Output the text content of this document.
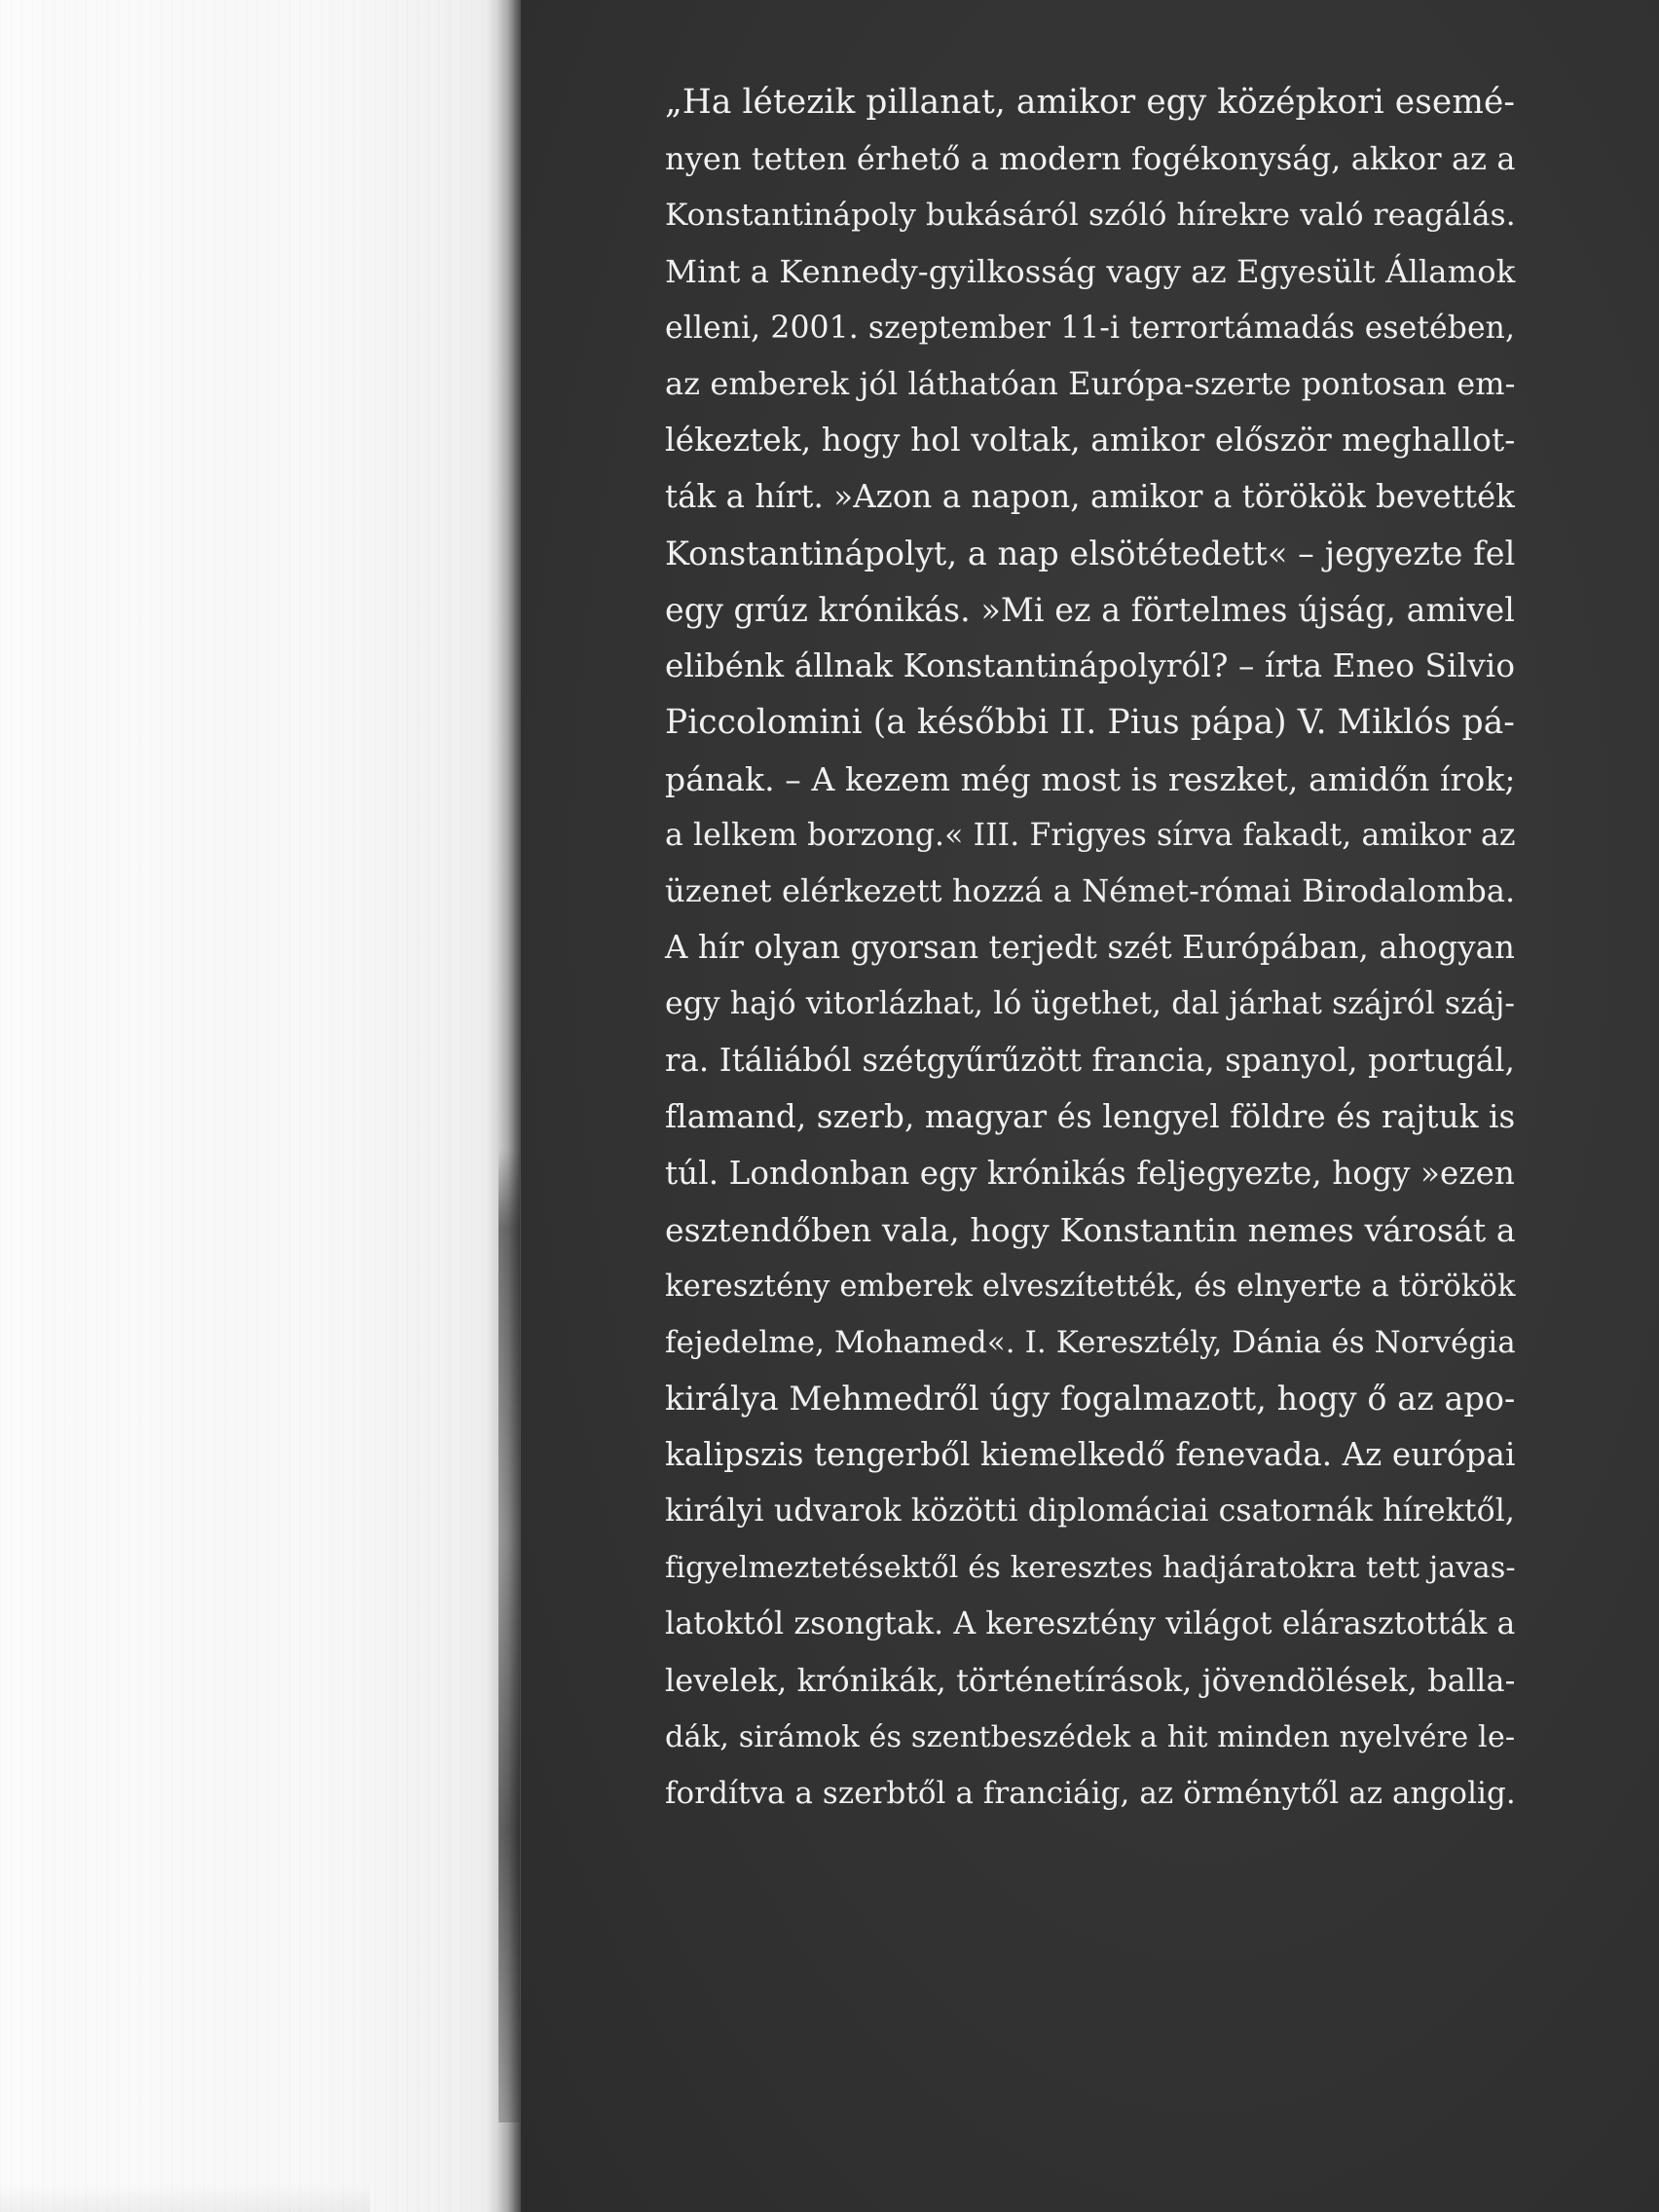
„Ha létezik pillanat, amikor egy középkori esemé-
nyen tetten érhető a modern fogékonyság, akkor az a
Konstantinápoly bukásáról szóló hírekre való reagálás.
Mint a Kennedy-gyilkosság vagy az Egyesült Államok
elleni, 2001. szeptember 11-i terrortámadás esetében,
az emberek jól láthatóan Európa-szerte pontosan em-
lékeztek, hogy hol voltak, amikor először meghallot-
ták a hírt. »Azon a napon, amikor a törökök bevették
Konstantinápolyt, a nap elsötétedett« – jegyezte fel
egy grúz krónikás. »Mi ez a förtelmes újság, amivel
elibénk állnak Konstantinápolyról? – írta Eneo Silvio
Piccolomini (a későbbi II. Pius pápa) V. Miklós pá-
pának. – A kezem még most is reszket, amidőn írok;
a lelkem borzong.« III. Frigyes sírva fakadt, amikor az
üzenet elérkezett hozzá a Német-római Birodalomba.
A hír olyan gyorsan terjedt szét Európában, ahogyan
egy hajó vitorlázhat, ló ügethet, dal járhat szájról száj-
ra. Itáliából szétgyűrűzött francia, spanyol, portugál,
flamand, szerb, magyar és lengyel földre és rajtuk is
túl. Londonban egy krónikás feljegyezte, hogy »ezen
esztendőben vala, hogy Konstantin nemes városát a
keresztény emberek elveszítették, és elnyerte a törökök
fejedelme, Mohamed«. I. Keresztély, Dánia és Norvégia
királya Mehmedről úgy fogalmazott, hogy ő az apo-
kalipszis tengerből kiemelkedő fenevada. Az európai
királyi udvarok közötti diplomáciai csatornák hírektől,
figyelmeztetésektől és keresztes hadjáratokra tett javas-
latoktól zsongtak. A keresztény világot elárasztották a
levelek, krónikák, történetírások, jövendölések, balla-
dák, sirámok és szentbeszédek a hit minden nyelvére le-
fordítva a szerbtől a franciáig, az örménytől az angolig.
